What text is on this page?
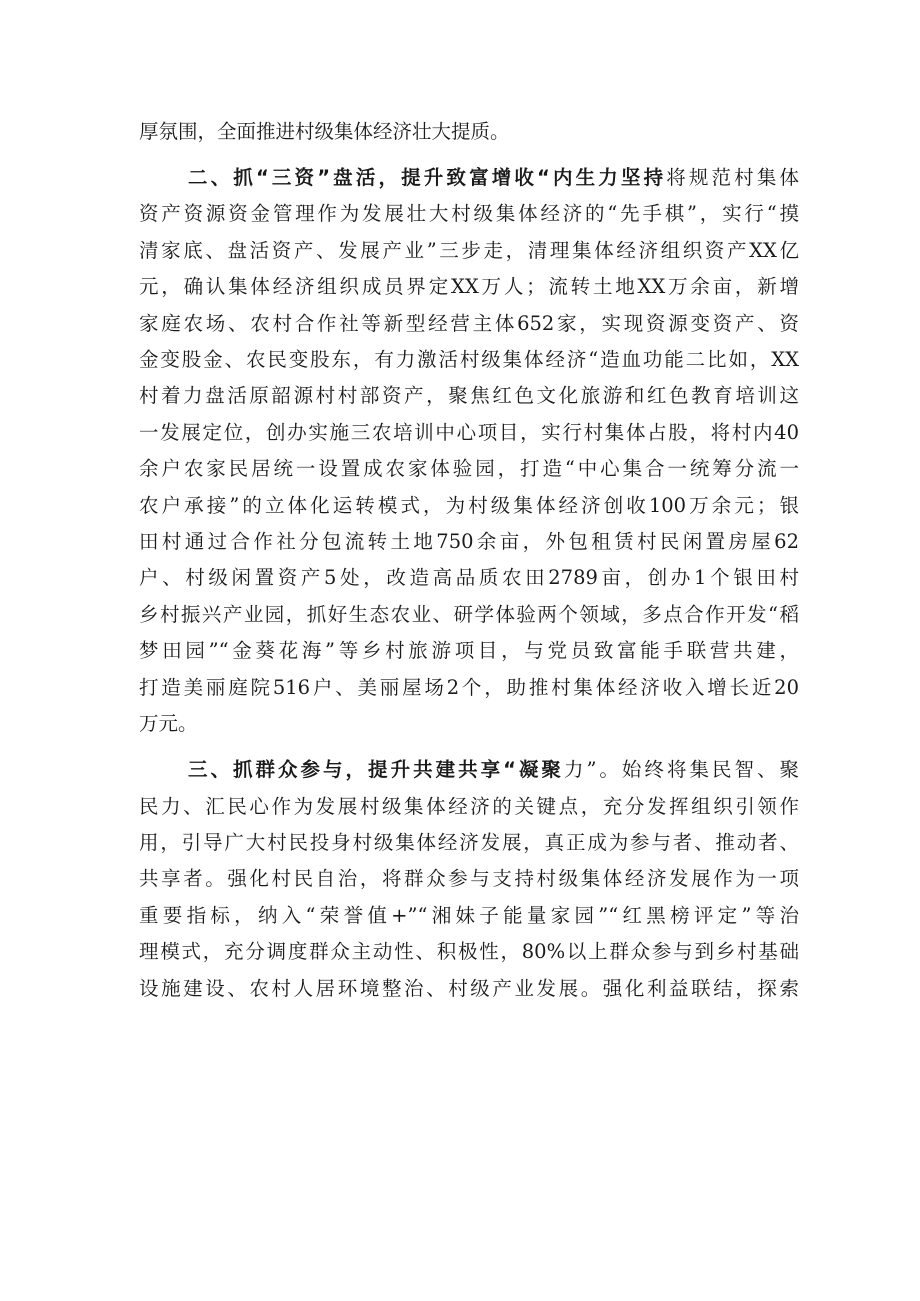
厚氛围，全面推进村级集体经济壮大提质。
二、抓“三资”盘活，提升致富增收“内生力坚持将规范村集体
资产资源资金管理作为发展壮大村级集体经济的“先手棋”，实行“摸
清家底、盘活资产、发展产业”三步走，清理集体经济组织资产XX亿
元，确认集体经济组织成员界定XX万人；流转土地XX万余亩，新增
家庭农场、农村合作社等新型经营主体652家，实现资源变资产、资
金变股金、农民变股东，有力激活村级集体经济“造血功能二比如，XX
村着力盘活原韶源村村部资产，聚焦红色文化旅游和红色教育培训这
一发展定位，创办实施三农培训中心项目，实行村集体占股，将村内40
余户农家民居统一设置成农家体验园，打造“中心集合一统筹分流一
农户承接”的立体化运转模式，为村级集体经济创收100万余元；银
田村通过合作社分包流转土地750余亩，外包租赁村民闲置房屋62
户、村级闲置资产5处，改造高品质农田2789亩，创办1个银田村
乡村振兴产业园，抓好生态农业、研学体验两个领域，多点合作开发“稻
梦田园”“金葵花海”等乡村旅游项目，与党员致富能手联营共建，
打造美丽庭院516户、美丽屋场2个，助推村集体经济收入增长近20
万元。
三、抓群众参与，提升共建共享“凝聚力”。始终将集民智、聚
民力、汇民心作为发展村级集体经济的关键点，充分发挥组织引领作
用，引导广大村民投身村级集体经济发展，真正成为参与者、推动者、
共享者。强化村民自治，将群众参与支持村级集体经济发展作为一项
重要指标，纳入“荣誉值+”“湘妹子能量家园”“红黑榜评定”等治
理模式，充分调度群众主动性、积极性，80%以上群众参与到乡村基础
设施建设、农村人居环境整治、村级产业发展。强化利益联结，探索
